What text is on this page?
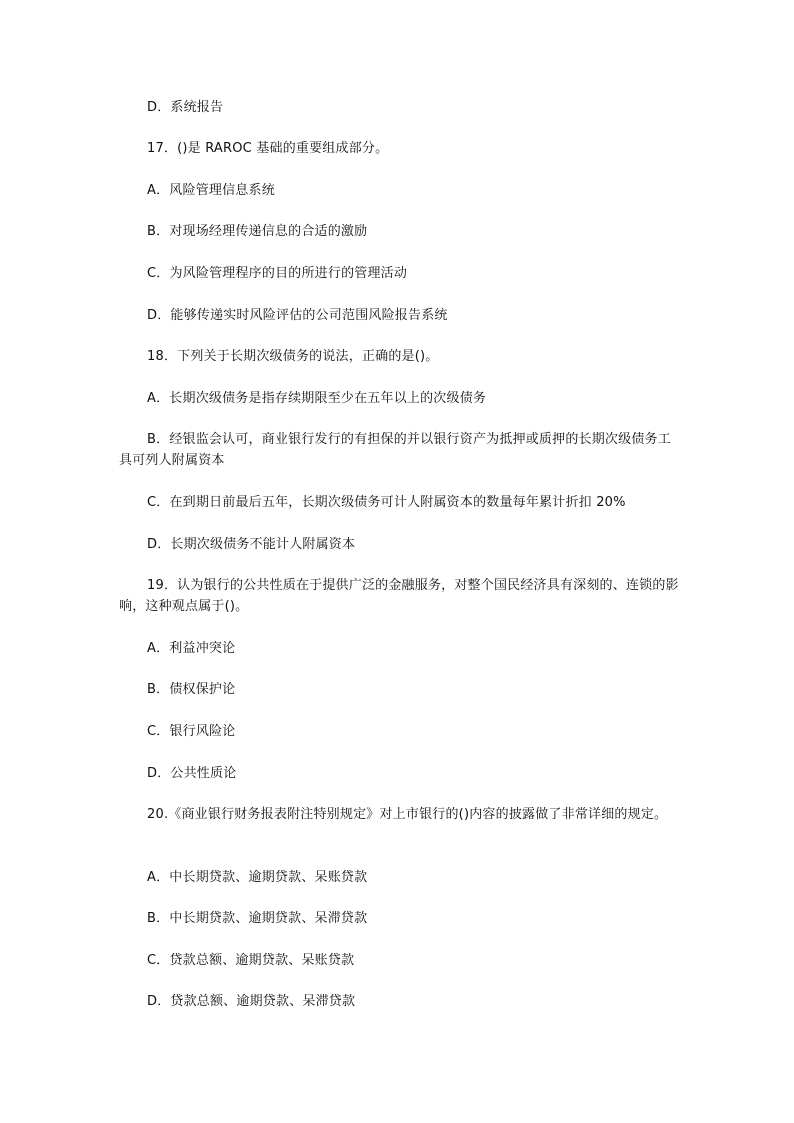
D．系统报告
17．()是 RAROC 基础的重要组成部分。
A．风险管理信息系统
B．对现场经理传递信息的合适的激励
C．为风险管理程序的目的所进行的管理活动
D．能够传递实时风险评估的公司范围风险报告系统
18．下列关于长期次级债务的说法，正确的是()。
A．长期次级债务是指存续期限至少在五年以上的次级债务
B．经银监会认可，商业银行发行的有担保的并以银行资产为抵押或质押的长期次级债务工具可列人附属资本
C．在到期日前最后五年，长期次级债务可计人附属资本的数量每年累计折扣 20%
D．长期次级债务不能计人附属资本
19．认为银行的公共性质在于提供广泛的金融服务，对整个国民经济具有深刻的、连锁的影响，这种观点属于()。
A．利益冲突论
B．债权保护论
C．银行风险论
D．公共性质论
20.《商业银行财务报表附注特别规定》对上市银行的()内容的披露做了非常详细的规定。
A．中长期贷款、逾期贷款、呆账贷款
B．中长期贷款、逾期贷款、呆滞贷款
C．贷款总额、逾期贷款、呆账贷款
D．贷款总额、逾期贷款、呆滞贷款
